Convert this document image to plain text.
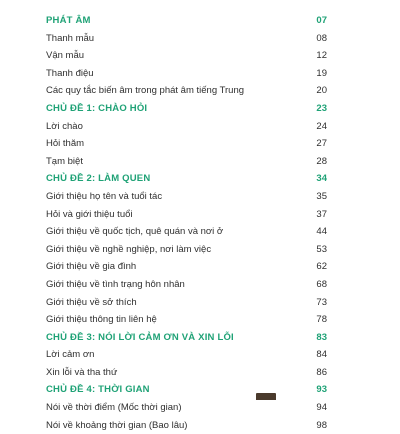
PHÁT ÂM	07
Thanh mẫu	08
Vận mẫu	12
Thanh điệu	19
Các quy tắc biến âm trong phát âm tiếng Trung	20
CHỦ ĐỀ 1: CHÀO HỎI	23
Lời chào	24
Hỏi thăm	27
Tạm biệt	28
CHỦ ĐỀ 2: LÀM QUEN	34
Giới thiệu họ tên và tuổi tác	35
Hỏi và giới thiệu tuổi	37
Giới thiệu về quốc tịch, quê quán và nơi ở	44
Giới thiệu về nghề nghiệp, nơi làm việc	53
Giới thiệu về gia đình	62
Giới thiệu về tình trạng hôn nhân	68
Giới thiệu về sở thích	73
Giới thiệu thông tin liên hệ	78
CHỦ ĐỀ 3: NÓI LỜI CẢM ƠN VÀ XIN LỖI	83
Lời cảm ơn	84
Xin lỗi và tha thứ	86
CHỦ ĐỀ 4: THỜI GIAN	93
Nói về thời điểm (Mốc thời gian)	94
Nói về khoảng thời gian (Bao lâu)	98
